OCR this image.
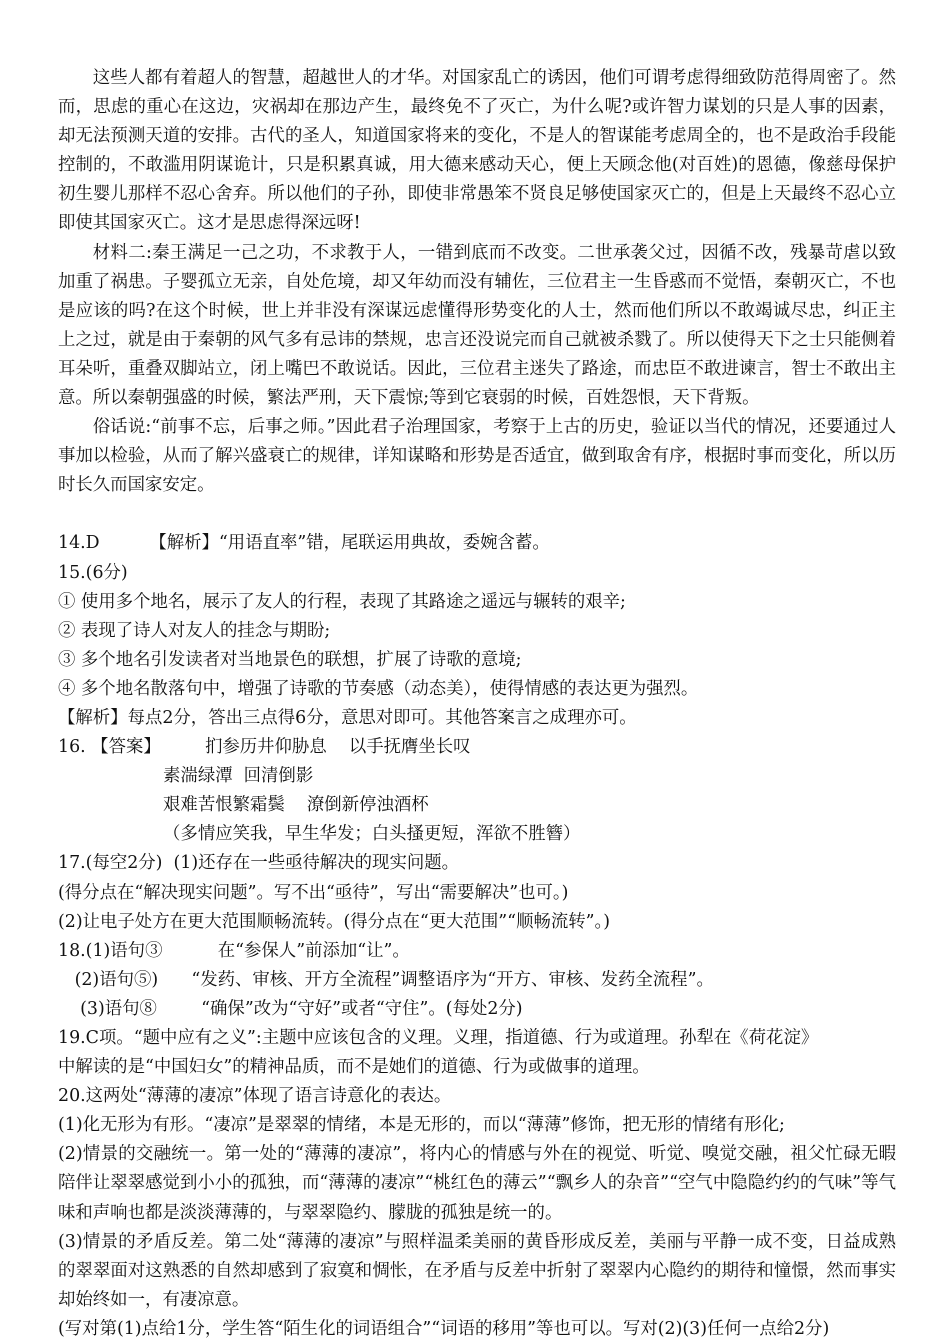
这些人都有着超人的智慧，超越世人的才华。对国家乱亡的诱因，他们可谓考虑得细致防范得周密了。然而，思虑的重心在这边，灾祸却在那边产生，最终免不了灭亡，为什么呢?或许智力谋划的只是人事的因素，却无法预测天道的安排。古代的圣人，知道国家将来的变化，不是人的智谋能考虑周全的，也不是政治手段能控制的，不敢滥用阴谋诡计，只是积累真诚，用大德来感动天心，便上天顾念他(对百姓)的恩德，像慈母保护初生婴儿那样不忍心舍弃。所以他们的子孙，即使非常愚笨不贤良足够使国家灭亡的，但是上天最终不忍心立即使其国家灭亡。这才是思虑得深远呀!

材料二:秦王满足一己之功，不求教于人，一错到底而不改变。二世承袭父过，因循不改，残暴苛虐以致加重了祸患。子婴孤立无亲，自处危境，却又年幼而没有辅佐，三位君主一生昏惑而不觉悟，秦朝灭亡，不也是应该的吗?在这个时候，世上并非没有深谋远虑懂得形势变化的人士，然而他们所以不敢竭诚尽忠，纠正主上之过，就是由于秦朝的风气多有忌讳的禁规，忠言还没说完而自己就被杀戮了。所以使得天下之士只能侧着耳朵听，重叠双脚站立，闭上嘴巴不敢说话。因此，三位君主迷失了路途，而忠臣不敢进谏言，智士不敢出主意。所以秦朝强盛的时候，繁法严刑，天下震惊;等到它衰弱的时候，百姓怨恨，天下背叛。

俗话说:“前事不忘，后事之师。”因此君子治理国家，考察于上古的历史，验证以当代的情况，还要通过人事加以检验，从而了解兴盛衰亡的规律，详知谋略和形势是否适宜，做到取舍有序，根据时事而变化，所以历时长久而国家安定。

14.D         【解析】“用语直率”错，尾联运用典故，委婉含蓄。

15.(6分)

① 使用多个地名，展示了友人的行程，表现了其路途之遥远与辗转的艰辛;

② 表现了诗人对友人的挂念与期盼;

③ 多个地名引发读者对当地景色的联想，扩展了诗歌的意境;

④ 多个地名散落句中，增强了诗歌的节奏感（动态美），使得情感的表达更为强烈。

【解析】每点2分，答出三点得6分，意思对即可。其他答案言之成理亦可。

16. 【答案】        扪参历井仰胁息    以手抚膺坐长叹

素湍绿潭  回清倒影

艰难苦恨繁霜鬓    潦倒新停浊酒杯

（多情应笑我，早生华发；白头搔更短，浑欲不胜簪）

17.(每空2分)  (1)还存在一些亟待解决的现实问题。

(得分点在“解决现实问题”。写不出“亟待”，写出“需要解决”也可。)

(2)让电子处方在更大范围顺畅流转。(得分点在“更大范围”“顺畅流转”。)

18.(1)语句③          在“参保人”前添加“让”。

(2)语句⑤)      “发药、审核、开方全流程”调整语序为“开方、审核、发药全流程”。

(3)语句⑧        “确保”改为“守好”或者“守住”。(每处2分)

19.C项。“题中应有之义”:主题中应该包含的义理。义理，指道德、行为或道理。孙犁在《荷花淀》

中解读的是“中国妇女”的精神品质，而不是她们的道德、行为或做事的道理。

20.这两处“薄薄的凄凉”体现了语言诗意化的表达。

(1)化无形为有形。“凄凉”是翠翠的情绪，本是无形的，而以“薄薄”修饰，把无形的情绪有形化;

(2)情景的交融统一。第一处的“薄薄的凄凉”，将内心的情感与外在的视觉、听觉、嗅觉交融，祖父忙碌无暇陪伴让翠翠感觉到小小的孤独，而“薄薄的凄凉”“桃红色的薄云”“飘乡人的杂音”“空气中隐隐约约的气味”等气味和声响也都是淡淡薄薄的，与翠翠隐约、朦胧的孤独是统一的。

(3)情景的矛盾反差。第二处“薄薄的凄凉”与照样温柔美丽的黄昏形成反差，美丽与平静一成不变，日益成熟的翠翠面对这熟悉的自然却感到了寂寞和惆怅，在矛盾与反差中折射了翠翠内心隐约的期待和憧憬，然而事实却始终如一，有凄凉意。

(写对第(1)点给1分，学生答“陌生化的词语组合”“词语的移用”等也可以。写对(2)(3)任何一点给2分)
